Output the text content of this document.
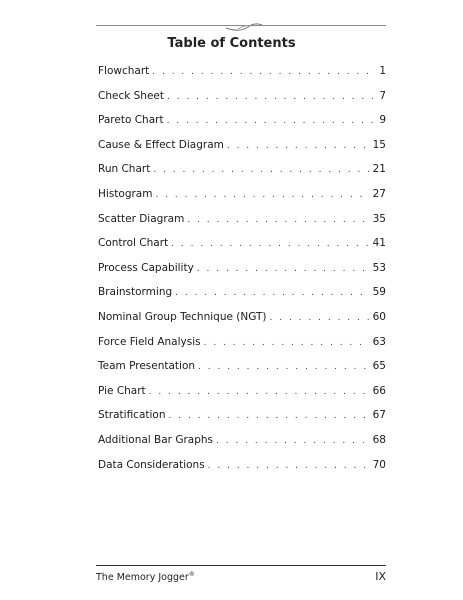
Table of Contents
Flowchart . . .	1
Check Sheet . . .	7
Pareto Chart . . .	9
Cause & Effect Diagram . . .	15
Run Chart . . .	21
Histogram . . .	27
Scatter Diagram . . .	35
Control Chart . . .	41
Process Capability . . .	53
Brainstorming . . .	59
Nominal Group Technique (NGT) . . .	60
Force Field Analysis . . .	63
Team Presentation . . .	65
Pie Chart . . .	66
Stratification . . .	67
Additional Bar Graphs . . .	68
Data Considerations . . .	70
The Memory Jogger®	IX
